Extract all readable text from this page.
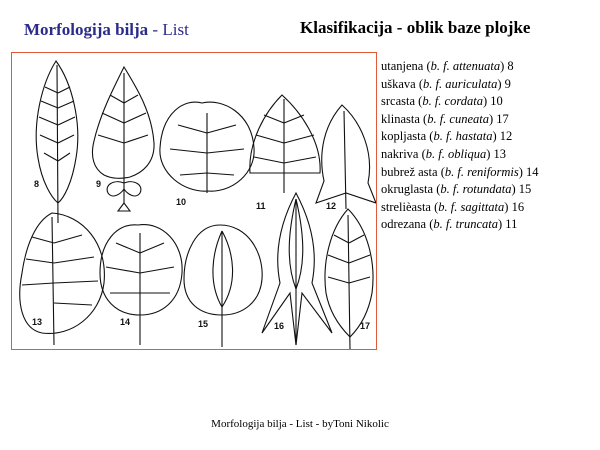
Morfologija bilja - List	Klasifikacija - oblik baze plojke
8	9
10	11	12
13	14	15	16	17
utanjena (b. f. attenuata) 8
uškava (b. f. auriculata) 9
srcasta (b. f. cordata) 10
klinasta (b. f. cuneata) 17
kopljasta (b. f. hastata) 12
nakriva (b. f. obliqua) 13
bubrež asta (b. f. reniformis) 14
okruglasta (b. f. rotundata) 15
strelièasta (b. f. sagittata) 16
odrezana (b. f. truncata) 11
Morfologija bilja - List - byToni Nikolic
